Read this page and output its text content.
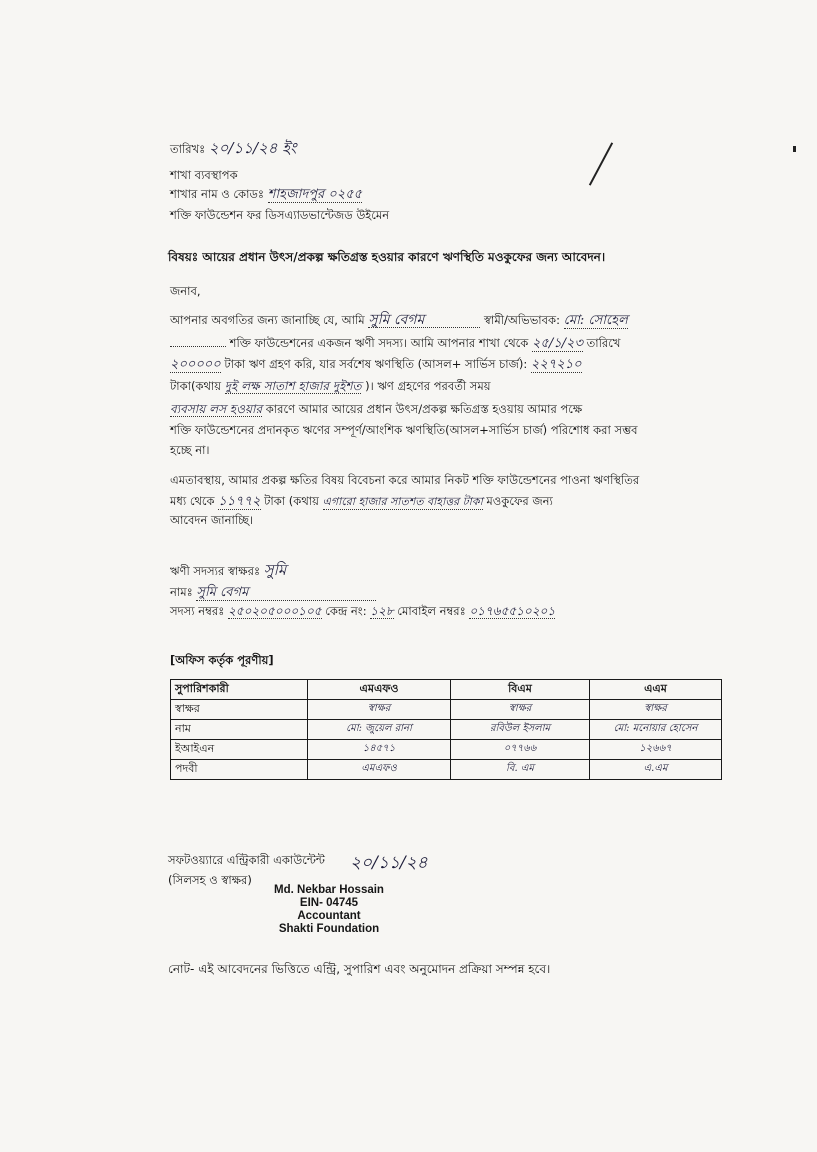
তারিখঃ ২০/১১/২৪ ইং
শাখা ব্যবস্থাপক
শাখার নাম ও কোডঃ শাহজাদপুর ০২৫৫
শক্তি ফাউন্ডেশন ফর ডিসএ্যাডভান্টেজড উইমেন
বিষয়ঃ আয়ের প্রধান উৎস/প্রকল্প ক্ষতিগ্রস্ত হওয়ার কারণে ঋণস্থিতি মওকুফের জন্য আবেদন।
জনাব,
আপনার অবগতির জন্য জানাচ্ছি যে, আমি সুমি বেগম	স্বামী/অভিভাবক: মো: সোহেল
শক্তি ফাউন্ডেশনের একজন ঋণী সদস্য। আমি আপনার শাখা থেকে ২৫/১/২৩ তারিখে
২০০০০০ টাকা ঋণ গ্রহণ করি, যার সর্বশেষ ঋণস্থিতি (আসল+ সার্ভিস চার্জ): ২২৭২১০
টাকা(কথায় দুই লক্ষ সাতাশ হাজার দুইশত )। ঋণ গ্রহণের পরবর্তী সময়
ব্যবসায় লস হওয়ার কারণে আমার আয়ের প্রধান উৎস/প্রকল্প ক্ষতিগ্রস্ত হওয়ায় আমার পক্ষে
শক্তি ফাউন্ডেশনের প্রদানকৃত ঋণের সম্পূর্ণ/আংশিক ঋণস্থিতি(আসল+সার্ভিস চার্জ) পরিশোধ করা সম্ভব
হচ্ছে না।
এমতাবস্থায়, আমার প্রকল্প ক্ষতির বিষয় বিবেচনা করে আমার নিকট শক্তি ফাউন্ডেশনের পাওনা ঋণস্থিতির
মধ্য থেকে ১১৭৭২ টাকা (কথায় এগারো হাজার সাতশত বাহাত্তর টাকা মওকুফের জন্য
আবেদন জানাচ্ছি।
ঋণী সদস্যর স্বাক্ষরঃ সুমি
নামঃ সুমি বেগম
সদস্য নম্বরঃ ২৫০২০৫০০০১০৫ কেন্দ্র নং: ১২৮ মোবাইল নম্বরঃ ০১৭৬৫৫১০২০১
[অফিস কর্তৃক পূরণীয়]
সুপারিশকারী	এমএফও	বিএম	এএম
স্বাক্ষর	স্বাক্ষর	স্বাক্ষর	স্বাক্ষর
নাম	মো: জুয়েল রানা	রবিউল ইসলাম	মো: মনোয়ার হোসেন
ইআইএন	১৪৫৭১	০৭৭৬৬	১২৬৬৭
পদবী	এমএফও	বি. এম	এ.এম
সফটওয়্যারে এন্ট্রিকারী একাউন্টেন্ট
(সিলসহ ও স্বাক্ষর)
২০/১১/২৪
Md. Nekbar Hossain
EIN- 04745
Accountant
Shakti Foundation
নোট- এই আবেদনের ভিত্তিতে এন্ট্রি, সুপারিশ এবং অনুমোদন প্রক্রিয়া সম্পন্ন হবে।
